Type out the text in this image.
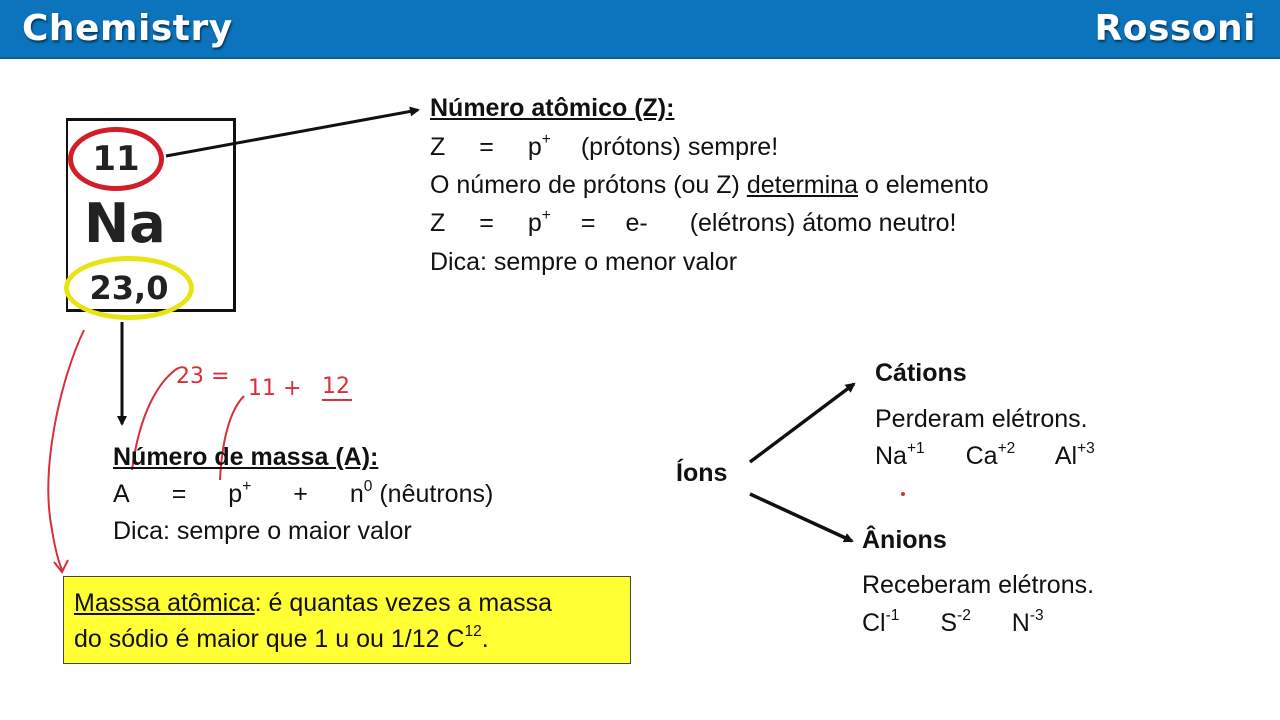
Chemistry	Rossoni
11
Na
23,0
23 = 11 + 12
Número atômico (Z):
Z = p+ (prótons) sempre!
O número de prótons (ou Z) determina o elemento
Z = p+ = e- (elétrons) átomo neutro!
Dica: sempre o menor valor
Número de massa (A):
$A = p^+ + n^0$ (nêutrons)
Dica: sempre o maior valor
Masssa atômica: é quantas vezes a massa
do sódio é maior que 1 u ou 1/12 $C^{12}$.
Íons
Cátions
Perderam elétrons.
$Na^{+1}$ $Ca^{+2}$ $Al^{+3}$
Ânions
Receberam elétrons.
$Cl^{-1}$ $S^{-2}$ $N^{-3}$
